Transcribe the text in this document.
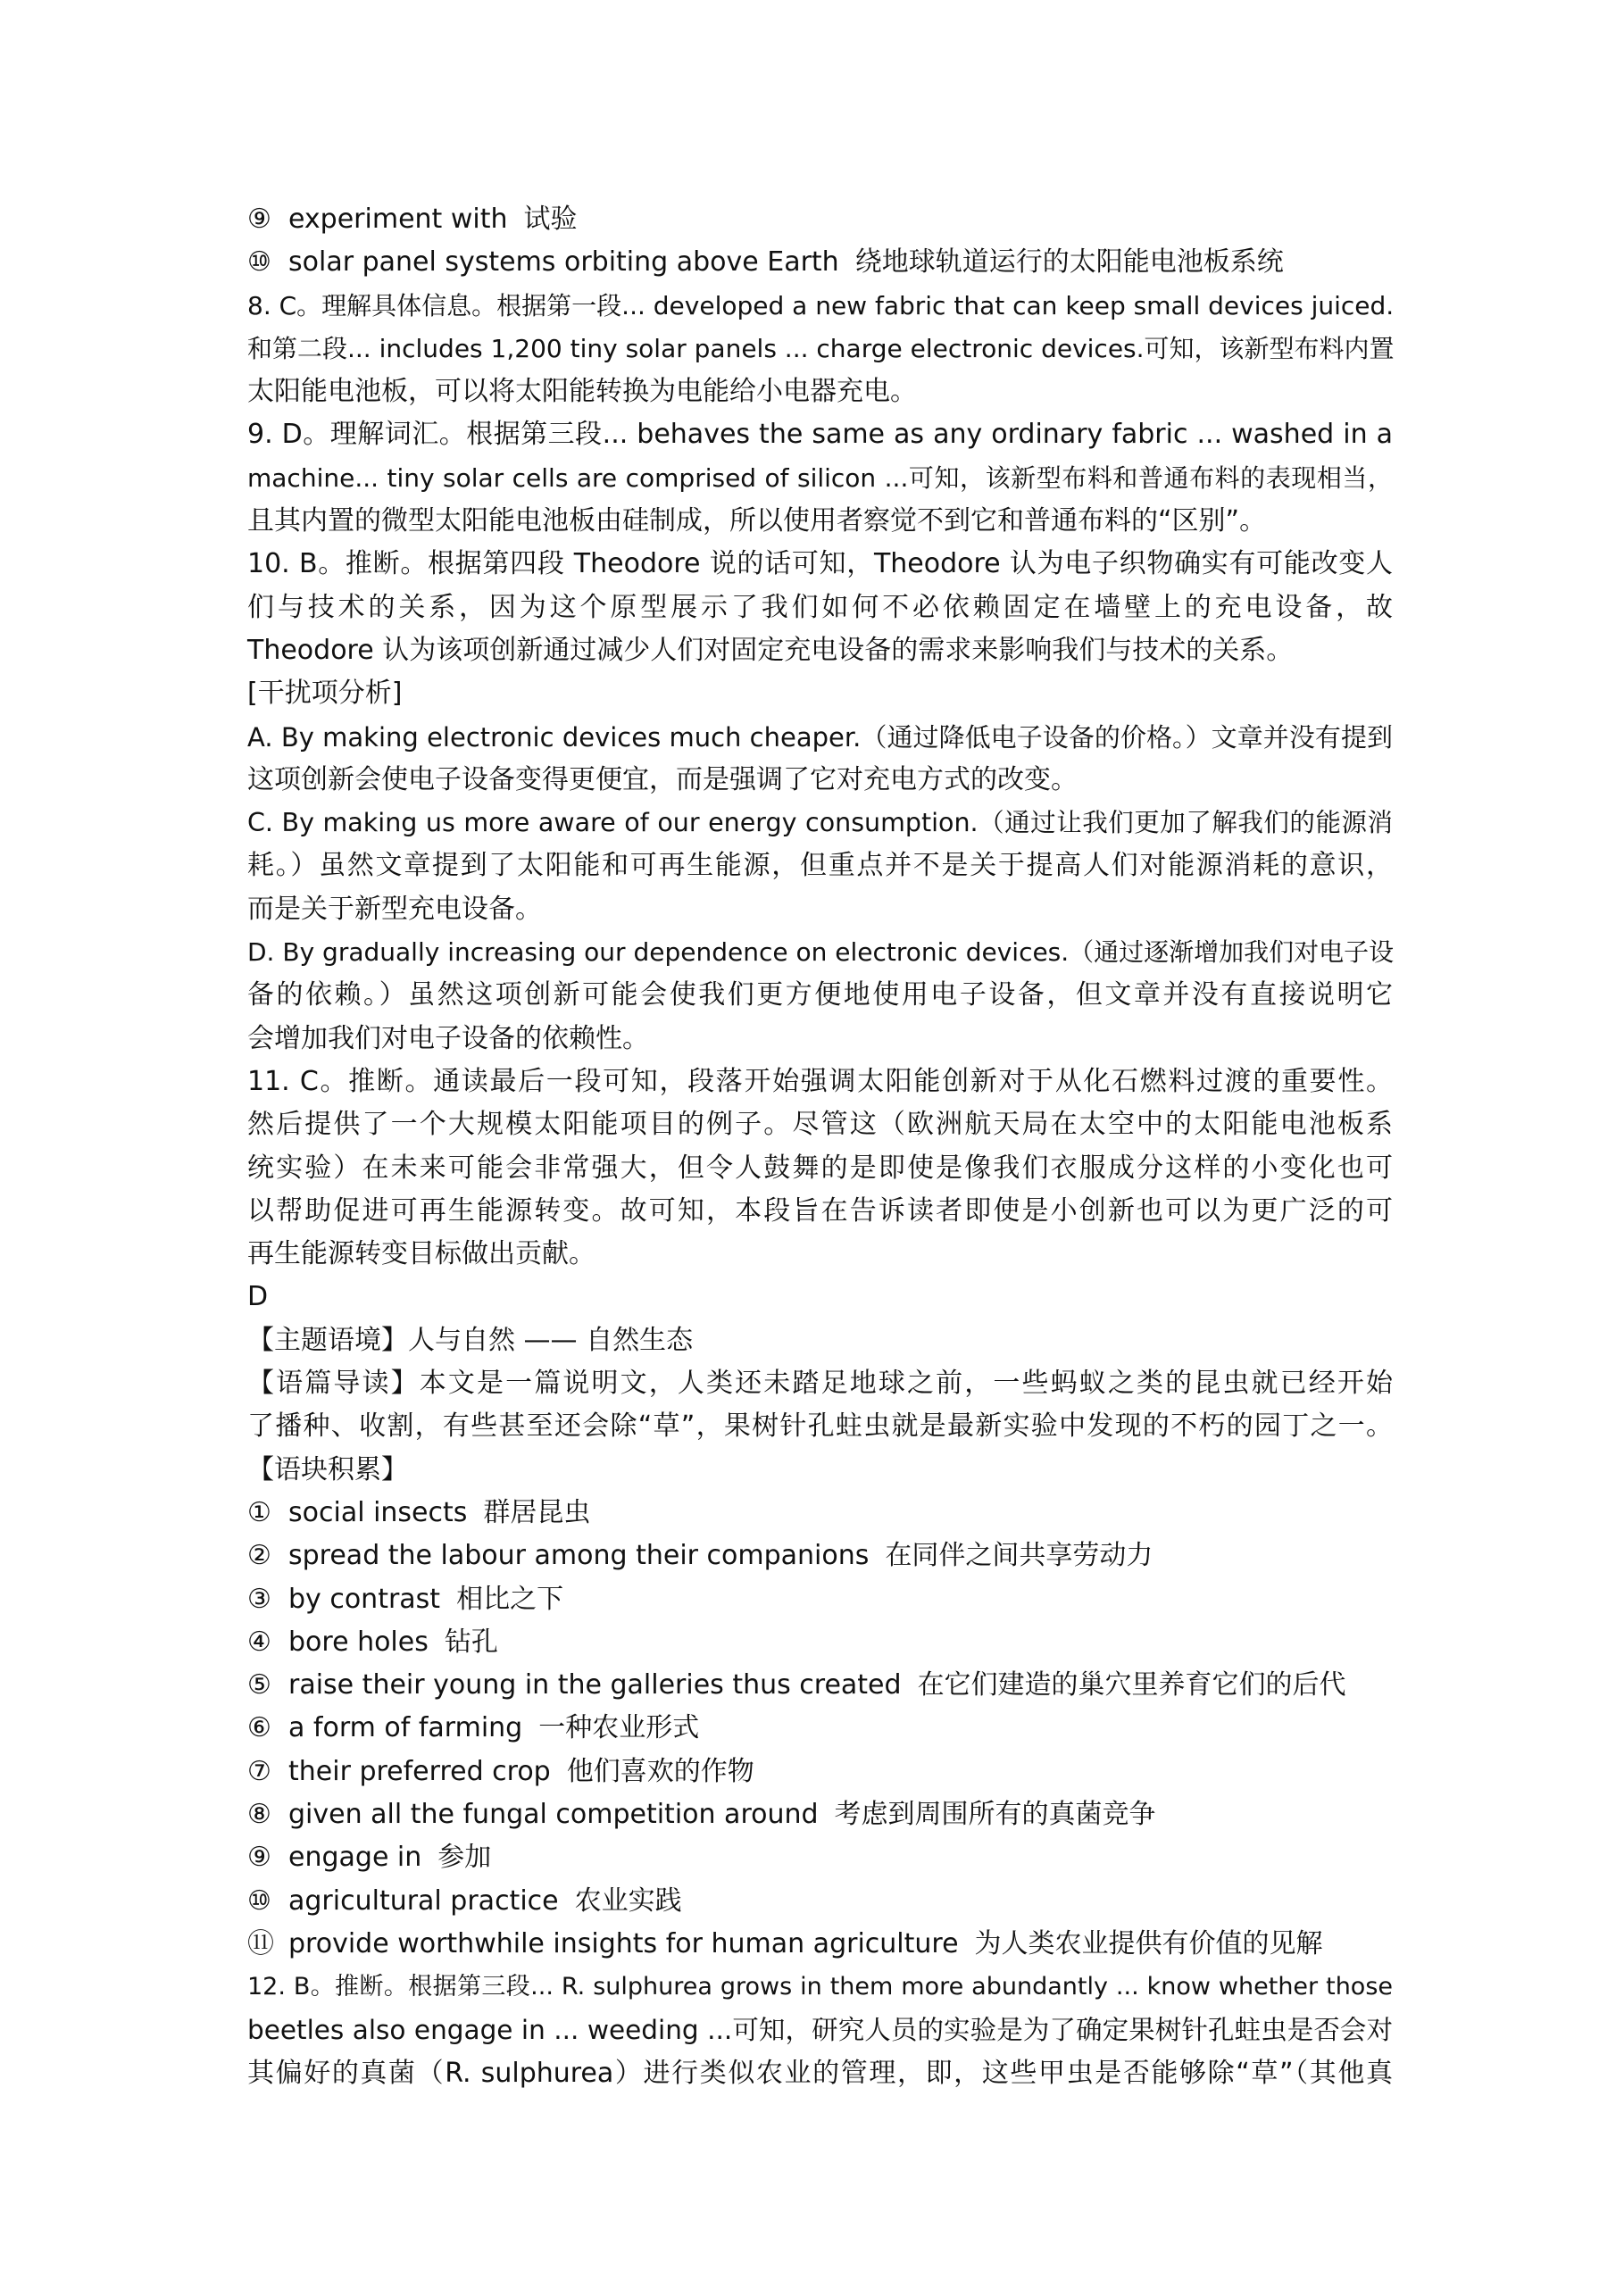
⑨ experiment with 试验
⑩ solar panel systems orbiting above Earth 绕地球轨道运行的太阳能电池板系统
8. C。理解具体信息。根据第一段... developed a new fabric that can keep small devices juiced.
和第二段... includes 1,200 tiny solar panels ... charge electronic devices.可知，该新型布料内置
太阳能电池板，可以将太阳能转换为电能给小电器充电。
9. D。理解词汇。根据第三段... behaves the same as any ordinary fabric ... washed in a
machine... tiny solar cells are comprised of silicon ...可知，该新型布料和普通布料的表现相当，
且其内置的微型太阳能电池板由硅制成，所以使用者察觉不到它和普通布料的“区别”。
10. B。推断。根据第四段 Theodore 说的话可知，Theodore 认为电子织物确实有可能改变人
们与技术的关系，因为这个原型展示了我们如何不必依赖固定在墙壁上的充电设备，故
Theodore 认为该项创新通过减少人们对固定充电设备的需求来影响我们与技术的关系。
[干扰项分析]
A. By making electronic devices much cheaper.（通过降低电子设备的价格。）文章并没有提到
这项创新会使电子设备变得更便宜，而是强调了它对充电方式的改变。
C. By making us more aware of our energy consumption.（通过让我们更加了解我们的能源消
耗。）虽然文章提到了太阳能和可再生能源，但重点并不是关于提高人们对能源消耗的意识，
而是关于新型充电设备。
D. By gradually increasing our dependence on electronic devices.（通过逐渐增加我们对电子设
备的依赖。）虽然这项创新可能会使我们更方便地使用电子设备，但文章并没有直接说明它
会增加我们对电子设备的依赖性。
11. C。推断。通读最后一段可知，段落开始强调太阳能创新对于从化石燃料过渡的重要性。
然后提供了一个大规模太阳能项目的例子。尽管这（欧洲航天局在太空中的太阳能电池板系
统实验）在未来可能会非常强大，但令人鼓舞的是即使是像我们衣服成分这样的小变化也可
以帮助促进可再生能源转变。故可知，本段旨在告诉读者即使是小创新也可以为更广泛的可
再生能源转变目标做出贡献。
D
【主题语境】人与自然 —— 自然生态
【语篇导读】本文是一篇说明文，人类还未踏足地球之前，一些蚂蚁之类的昆虫就已经开始
了播种、收割，有些甚至还会除“草”，果树针孔蛀虫就是最新实验中发现的不朽的园丁之一。
【语块积累】
① social insects 群居昆虫
② spread the labour among their companions 在同伴之间共享劳动力
③ by contrast 相比之下
④ bore holes 钻孔
⑤ raise their young in the galleries thus created 在它们建造的巢穴里养育它们的后代
⑥ a form of farming 一种农业形式
⑦ their preferred crop 他们喜欢的作物
⑧ given all the fungal competition around 考虑到周围所有的真菌竞争
⑨ engage in 参加
⑩ agricultural practice 农业实践
⑪ provide worthwhile insights for human agriculture 为人类农业提供有价值的见解
12. B。推断。根据第三段... R. sulphurea grows in them more abundantly ... know whether those
beetles also engage in ... weeding ...可知，研究人员的实验是为了确定果树针孔蛀虫是否会对
其偏好的真菌（R. sulphurea）进行类似农业的管理，即，这些甲虫是否能够除“草”（其他真
